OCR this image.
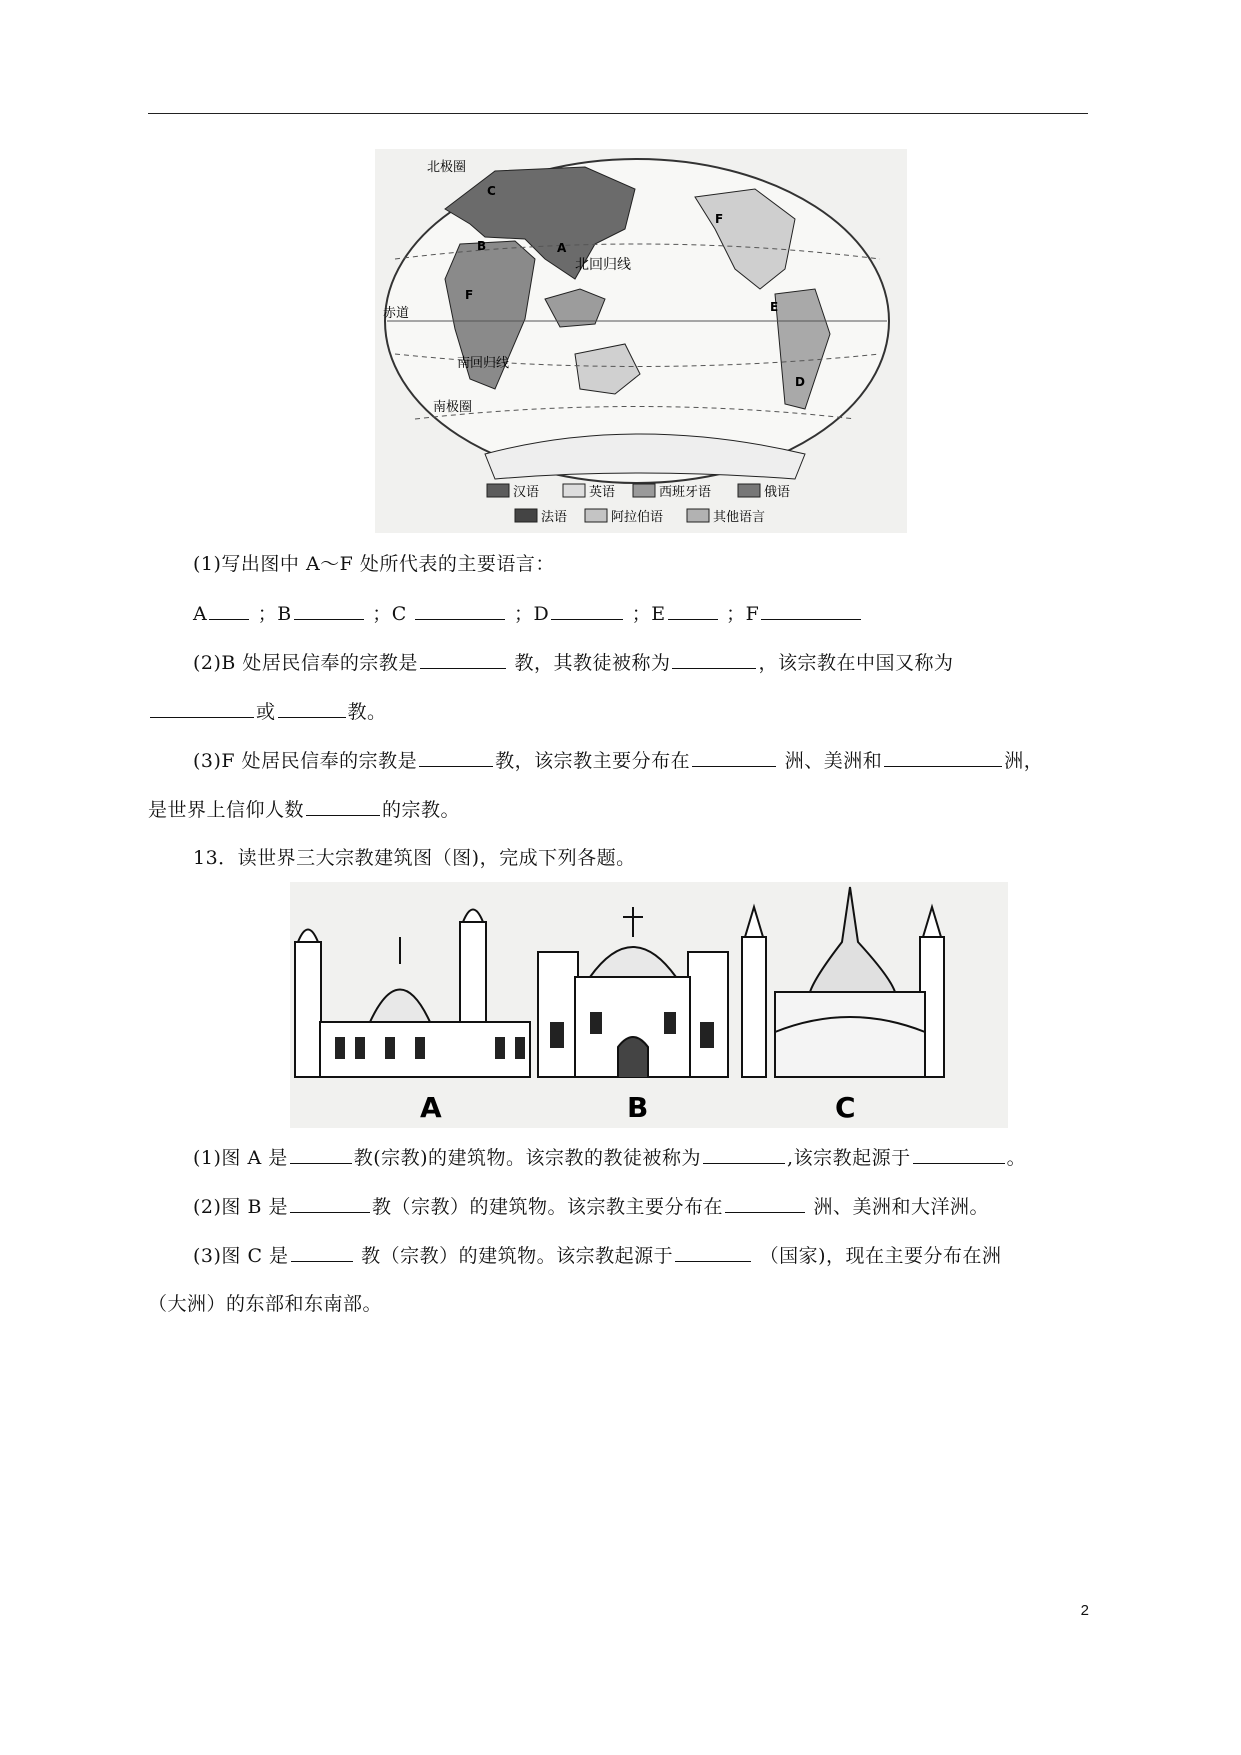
北极圈
北回归线
赤道
南回归线
南极圈
A
B
C
D
E
F
F
汉语	英语	西班牙语	俄语
法语	阿拉伯语	其他语言
(1)写出图中 A～F 处所代表的主要语言：
A	；B	；C	；D	；E	；F
(2)B 处居民信奉的宗教是	教，其教徒被称为	，该宗教在中国又称为
或	教。
(3)F 处居民信奉的宗教是	教，该宗教主要分布在	洲、美洲和	洲，
是世界上信仰人数	的宗教。
13．读世界三大宗教建筑图（图)，完成下列各题。
A	B	C
(1)图 A 是	教(宗教)的建筑物。该宗教的教徒被称为	,该宗教起源于	。
(2)图 B 是	教（宗教）的建筑物。该宗教主要分布在	洲、美洲和大洋洲。
(3)图 C 是	教（宗教）的建筑物。该宗教起源于	（国家)，现在主要分布在洲
（大洲）的东部和东南部。
2
